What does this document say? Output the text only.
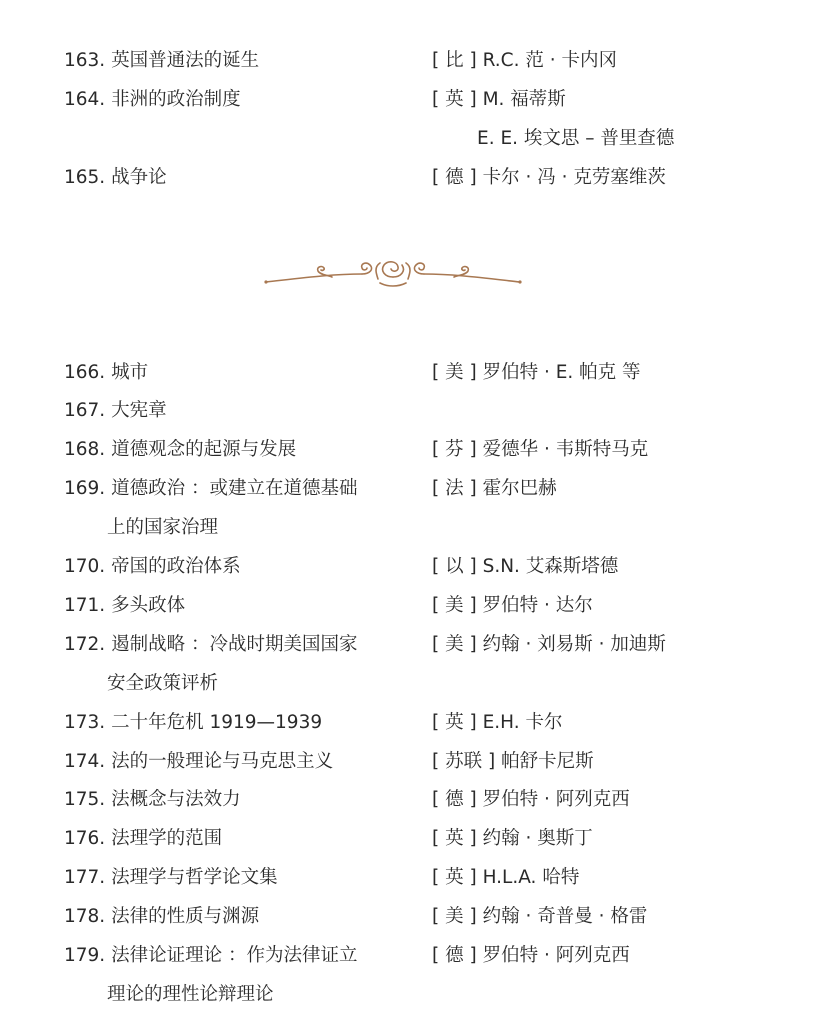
163. 英国普通法的诞生	[ 比 ] R.C. 范 · 卡内冈
164. 非洲的政治制度	[ 英 ] M. 福蒂斯
E. E. 埃文思 – 普里查德
165. 战争论	[ 德 ] 卡尔 · 冯 · 克劳塞维茨
166. 城市	[ 美 ] 罗伯特 · E. 帕克 等
167. 大宪章
168. 道德观念的起源与发展	[ 芬 ] 爱德华 · 韦斯特马克
169. 道德政治 ：或建立在道德基础	[ 法 ] 霍尔巴赫
上的国家治理
170. 帝国的政治体系	[ 以 ] S.N. 艾森斯塔德
171. 多头政体	[ 美 ] 罗伯特 · 达尔
172. 遏制战略 ：冷战时期美国国家	[ 美 ] 约翰 · 刘易斯 · 加迪斯
安全政策评析
173. 二十年危机 1919—1939	[ 英 ] E.H. 卡尔
174. 法的一般理论与马克思主义	[ 苏联 ] 帕舒卡尼斯
175. 法概念与法效力	[ 德 ] 罗伯特 · 阿列克西
176. 法理学的范围	[ 英 ] 约翰 · 奥斯丁
177. 法理学与哲学论文集	[ 英 ] H.L.A. 哈特
178. 法律的性质与渊源	[ 美 ] 约翰 · 奇普曼 · 格雷
179. 法律论证理论 ：作为法律证立	[ 德 ] 罗伯特 · 阿列克西
理论的理性论辩理论
